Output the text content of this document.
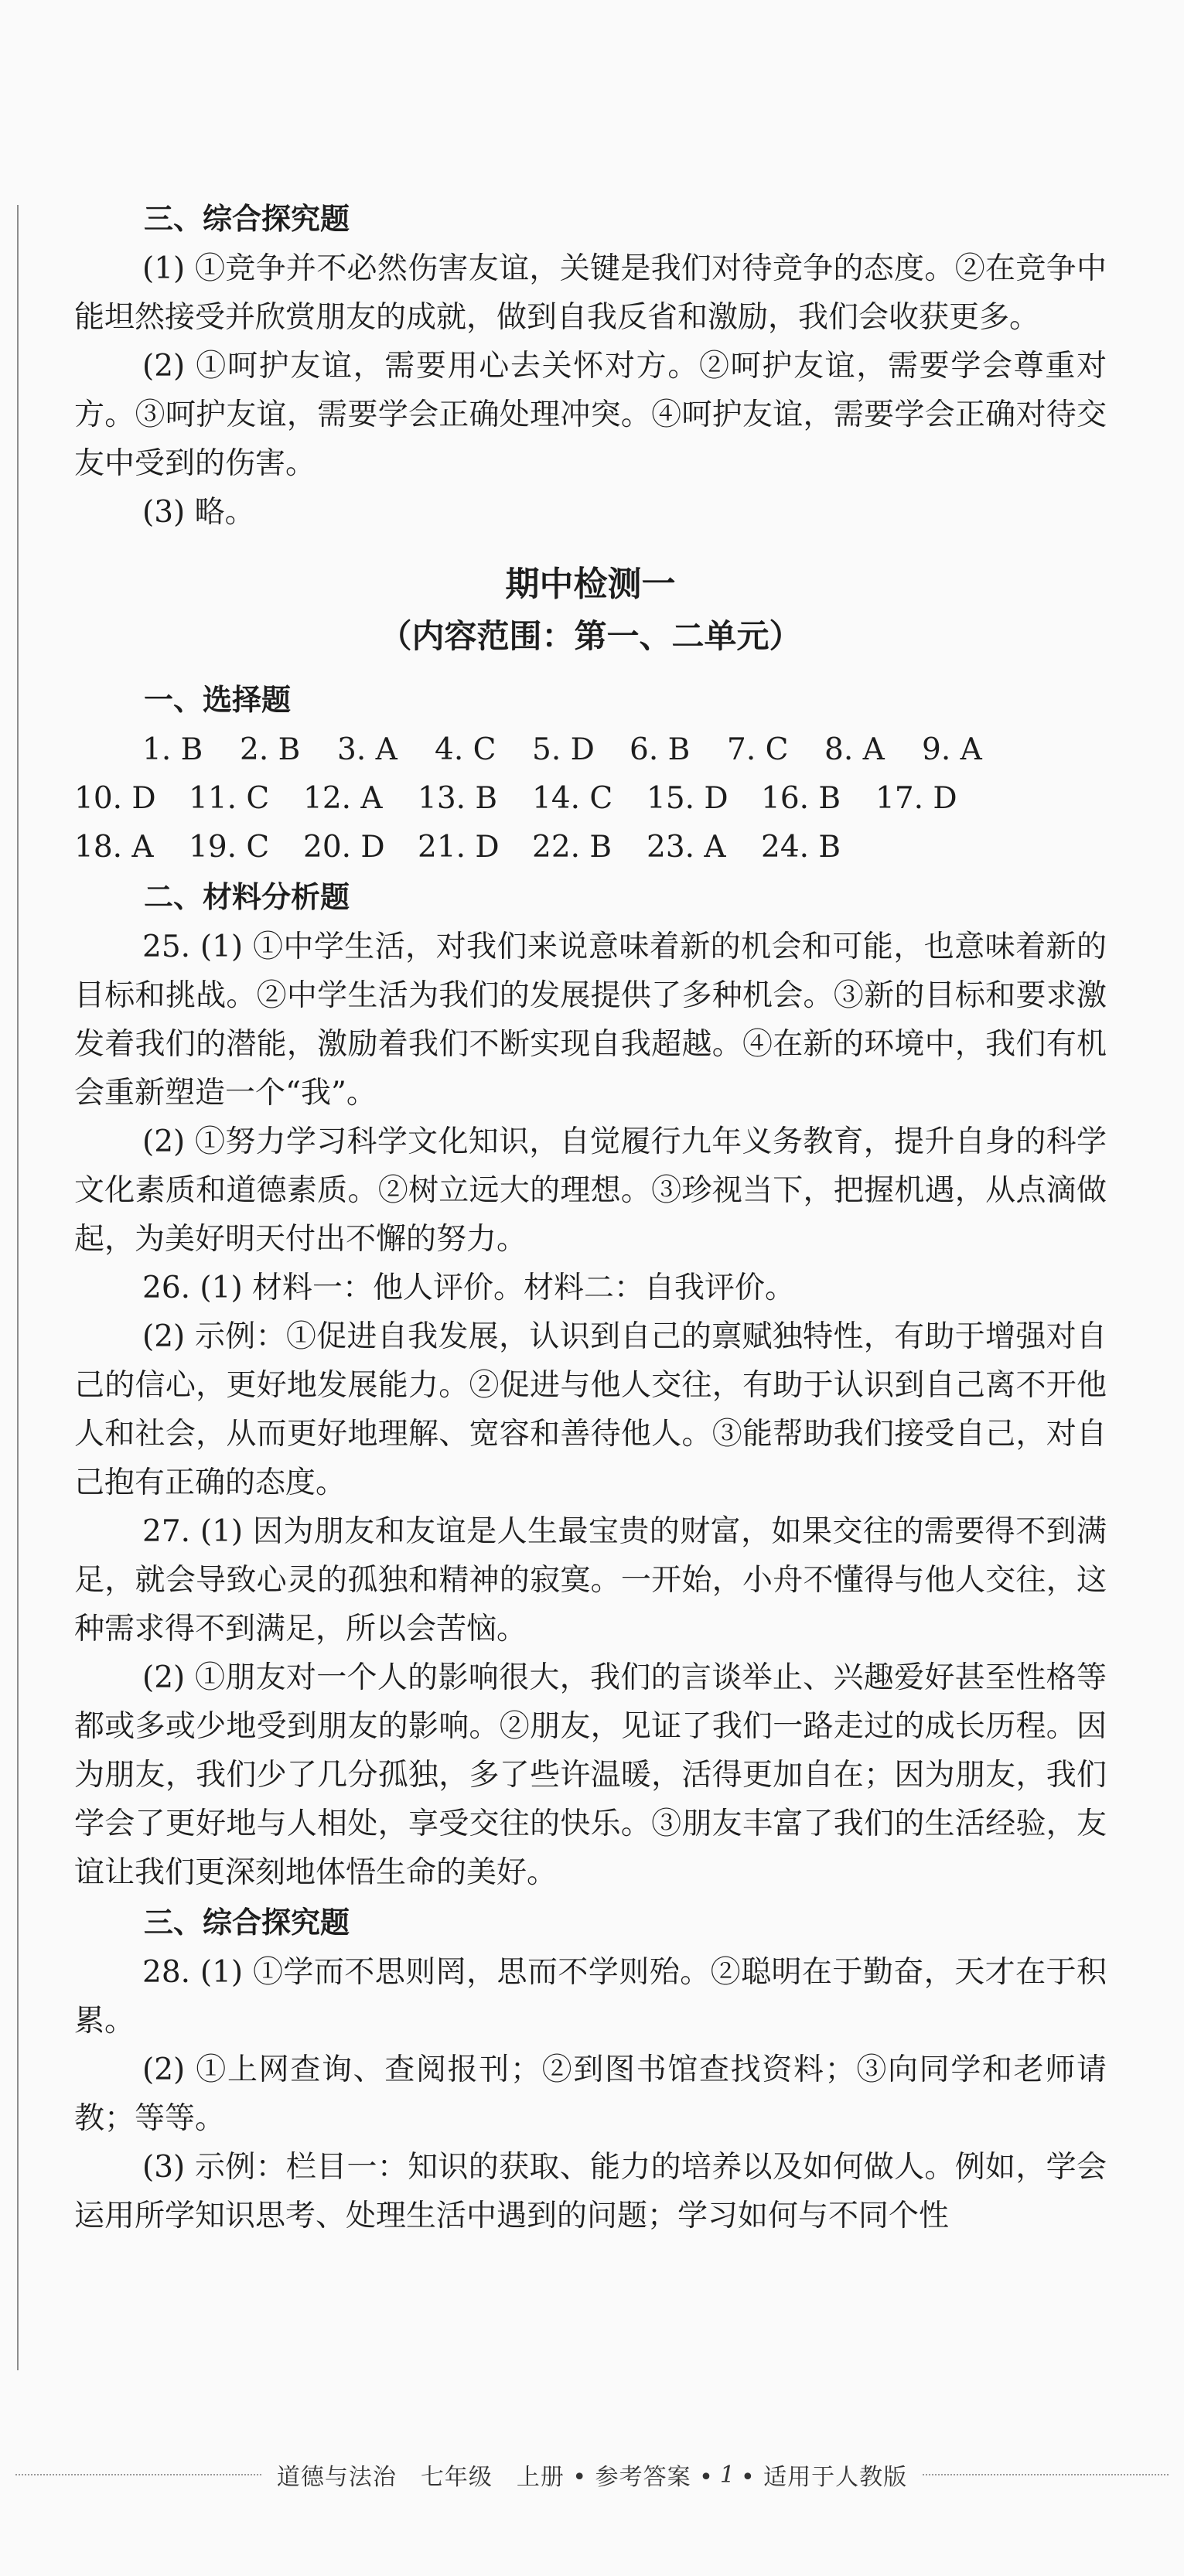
三、综合探究题

(1) ①竞争并不必然伤害友谊，关键是我们对待竞争的态度。②在竞争中能坦然接受并欣赏朋友的成就，做到自我反省和激励，我们会收获更多。

(2) ①呵护友谊，需要用心去关怀对方。②呵护友谊，需要学会尊重对方。③呵护友谊，需要学会正确处理冲突。④呵护友谊，需要学会正确对待交友中受到的伤害。

(3) 略。

期中检测一
（内容范围：第一、二单元）
一、选择题
1. B	2. B	3. A	4. C	5. D	6. B	7. C	8. A	9. A
10. D	11. C	12. A	13. B	14. C	15. D	16. B	17. D
18. A	19. C	20. D	21. D	22. B	23. A	24. B
二、材料分析题

25. (1) ①中学生活，对我们来说意味着新的机会和可能，也意味着新的目标和挑战。②中学生活为我们的发展提供了多种机会。③新的目标和要求激发着我们的潜能，激励着我们不断实现自我超越。④在新的环境中，我们有机会重新塑造一个“我”。

(2) ①努力学习科学文化知识，自觉履行九年义务教育，提升自身的科学文化素质和道德素质。②树立远大的理想。③珍视当下，把握机遇，从点滴做起，为美好明天付出不懈的努力。

26. (1) 材料一：他人评价。材料二：自我评价。

(2) 示例：①促进自我发展，认识到自己的禀赋独特性，有助于增强对自己的信心，更好地发展能力。②促进与他人交往，有助于认识到自己离不开他人和社会，从而更好地理解、宽容和善待他人。③能帮助我们接受自己，对自己抱有正确的态度。

27. (1) 因为朋友和友谊是人生最宝贵的财富，如果交往的需要得不到满足，就会导致心灵的孤独和精神的寂寞。一开始，小舟不懂得与他人交往，这种需求得不到满足，所以会苦恼。

(2) ①朋友对一个人的影响很大，我们的言谈举止、兴趣爱好甚至性格等都或多或少地受到朋友的影响。②朋友，见证了我们一路走过的成长历程。因为朋友，我们少了几分孤独，多了些许温暖，活得更加自在；因为朋友，我们学会了更好地与人相处，享受交往的快乐。③朋友丰富了我们的生活经验，友谊让我们更深刻地体悟生命的美好。

三、综合探究题

28. (1) ①学而不思则罔，思而不学则殆。②聪明在于勤奋，天才在于积累。

(2) ①上网查询、查阅报刊；②到图书馆查找资料；③向同学和老师请教；等等。

(3) 示例：栏目一：知识的获取、能力的培养以及如何做人。例如，学会运用所学知识思考、处理生活中遇到的问题；学习如何与不同个性

道德与法治　七年级　上册 • 参考答案 • 1 • 适用于人教版
